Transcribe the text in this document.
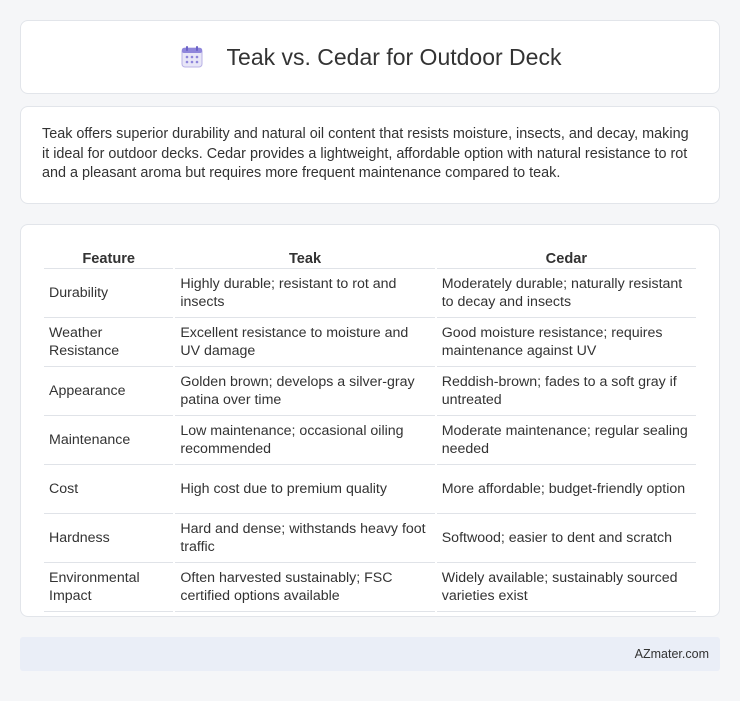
Teak vs. Cedar for Outdoor Deck

Teak offers superior durability and natural oil content that resists moisture, insects, and decay, making it ideal for outdoor decks. Cedar provides a lightweight, affordable option with natural resistance to rot and a pleasant aroma but requires more frequent maintenance compared to teak.

Feature	Teak	Cedar
Durability	Highly durable; resistant to rot and insects	Moderately durable; naturally resistant to decay and insects
Weather Resistance	Excellent resistance to moisture and UV damage	Good moisture resistance; requires maintenance against UV
Appearance	Golden brown; develops a silver-gray patina over time	Reddish-brown; fades to a soft gray if untreated
Maintenance	Low maintenance; occasional oiling recommended	Moderate maintenance; regular sealing needed
Cost	High cost due to premium quality	More affordable; budget-friendly option
Hardness	Hard and dense; withstands heavy foot traffic	Softwood; easier to dent and scratch
Environmental Impact	Often harvested sustainably; FSC certified options available	Widely available; sustainably sourced varieties exist
AZmater.com
